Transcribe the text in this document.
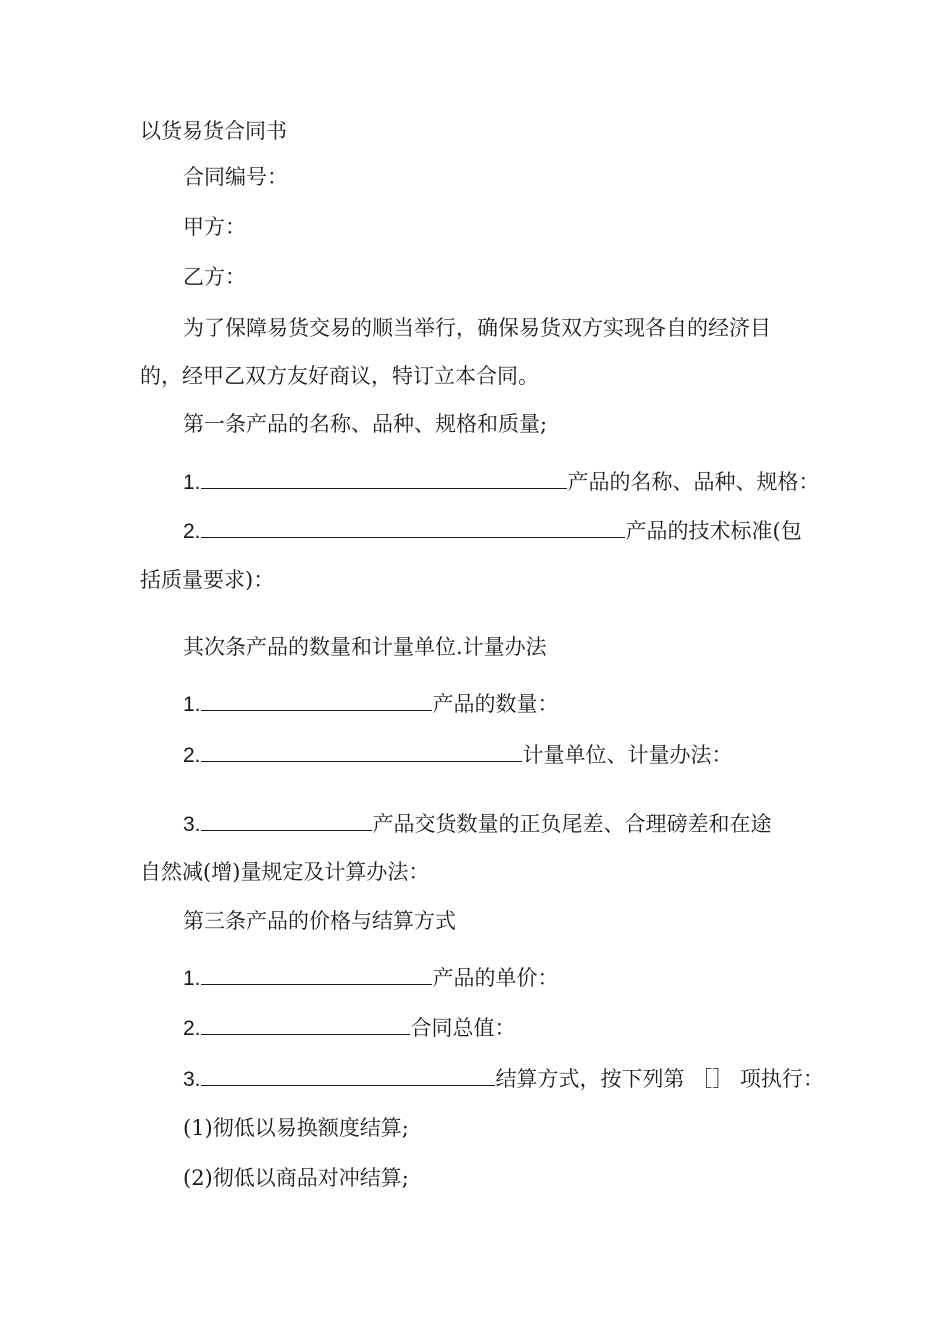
以货易货合同书
合同编号：
甲方：
乙方：
为了保障易货交易的顺当举行，确保易货双方实现各自的经济目
的，经甲乙双方友好商议，特订立本合同。
第一条产品的名称、品种、规格和质量;
1.	产品的名称、品种、规格：
2.	产品的技术标准(包
括质量要求)：
其次条产品的数量和计量单位.计量办法
1.	产品的数量：
2.	计量单位、计量办法：
3.	产品交货数量的正负尾差、合理磅差和在途
自然减(增)量规定及计算办法：
第三条产品的价格与结算方式
1.	产品的单价：
2.	合同总值：
3.	结算方式，按下列第 ［］ 项执行：
(1)彻低以易换额度结算;
(2)彻低以商品对冲结算;
